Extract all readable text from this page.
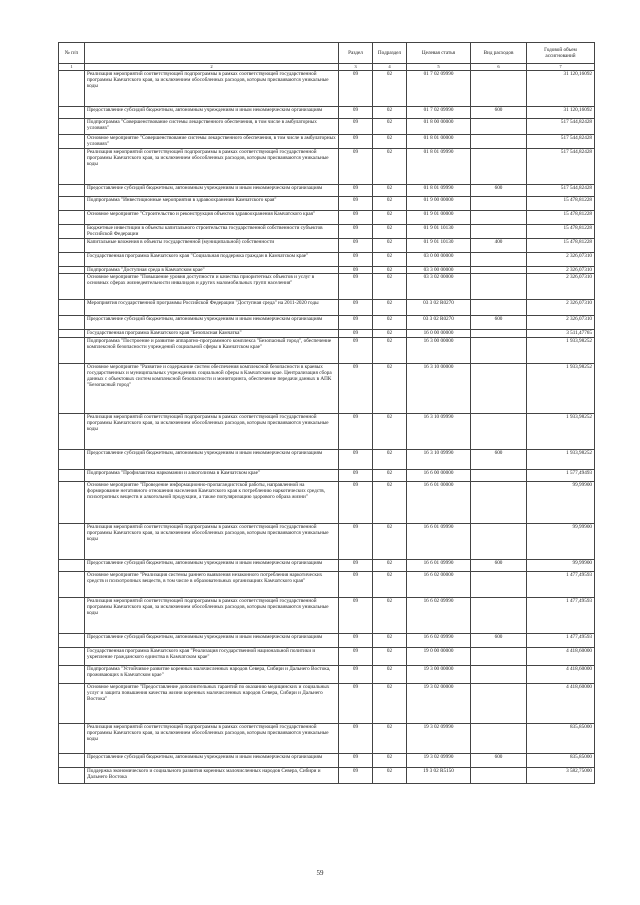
№ п/п		Раздел	Подраздел	Целевая статья	Вид расходов	Годовой объем ассигнований
1	2	3	4	5	6	7
	Реализация мероприятий соответствующей подпрограммы в рамках соответствующей государственной программы Камчатского края, за исключением обособленных расходов, которым присваиваются уникальные коды	09	02	01 7 02 09990		31 120,16092
	Предоставление субсидий бюджетным, автономным учреждениям и иным некоммерческим организациям	09	02	01 7 02 09990	600	31 120,16092
	Подпрограмма "Совершенствование системы лекарственного обеспечения, в том числе в амбулаторных условиях"	09	02	01 8 00 00000		517 544,82428
	Основное мероприятие "Совершенствование системы лекарственного обеспечения, в том числе в амбулаторных условиях"	09	02	01 8 01 00000		517 544,82428
	Реализация мероприятий соответствующей подпрограммы в рамках соответствующей государственной программы Камчатского края, за исключением обособленных расходов, которым присваиваются уникальные коды	09	02	01 8 01 09990		517 544,82428
	Предоставление субсидий бюджетным, автономным учреждениям и иным некоммерческим организациям	09	02	01 8 01 09990	600	517 544,82428
	Подпрограмма "Инвестиционные мероприятия в здравоохранении Камчатского края"	09	02	01 9 00 00000		15 478,81228
	Основное мероприятие "Строительство и реконструкция объектов здравоохранения Камчатского края"	09	02	01 9 01 00000		15 478,81228
	Бюджетные инвестиции в объекты капитального строительства государственной собственности субъектов Российской Федерации	09	02	01 9 01 10130		15 478,81228
	Капитальные вложения в объекты государственной (муниципальной) собственности	09	02	01 9 01 10130	400	15 478,81228
	Государственная программа Камчатского края "Социальная поддержка граждан в Камчатском крае"	09	02	03 0 00 00000		2 326,07310
	Подпрограмма "Доступная среда в Камчатском крае"	09	02	03 3 00 00000		2 326,07310
	Основное мероприятие "Повышение уровня доступности и качества приоритетных объектов и услуг в основных сферах жизнедеятельности инвалидов и других маломобильных групп населения"	09	02	03 3 02 00000		2 326,07310
	Мероприятия государственной программы Российской Федерации "Доступная среда" на 2011-2020 годы	09	02	03 3 02 R0270		2 326,07310
	Предоставление субсидий бюджетным, автономным учреждениям и иным некоммерческим организациям	09	02	03 3 02 R0270	600	2 326,07310
	Государственная программа Камчатского края "Безопасная Камчатка"	09	02	16 0 00 00000		3 511,47765
	Подпрограмма "Построение и развитие аппаратно-программного комплекса "Безопасный город", обеспечение комплексной безопасности учреждений социальной сферы в Камчатском крае"	09	02	16 3 00 00000		1 933,98252
	Основное мероприятие "Развитие и содержание систем обеспечения комплексной безопасности в краевых государственных и муниципальных учреждениях социальной сферы в Камчатском крае. Централизация сбора данных с объектовых систем комплексной безопасности и мониторинга, обеспечение передачи данных в АПК "Безопасный город"	09	02	16 3 10 00000		1 933,98252
	Реализация мероприятий соответствующей подпрограммы в рамках соответствующей государственной программы Камчатского края, за исключением обособленных расходов, которым присваиваются уникальные коды	09	02	16 3 10 09990		1 933,98252
	Предоставление субсидий бюджетным, автономным учреждениям и иным некоммерческим организациям	09	02	16 3 10 09990	600	1 933,98252
	Подпрограмма "Профилактика наркомании и алкоголизма в Камчатском крае"	09	02	16 6 00 00000		1 577,49493
	Основное мероприятие "Проведение информационно-пропагандистской работы, направленной на формирование негативного отношения населения Камчатского края к потреблению наркотических средств, психотропных веществ и алкогольной продукции, а также популяризацию здорового образа жизни"	09	02	16 6 01 00000		99,99900
	Реализация мероприятий соответствующей подпрограммы в рамках соответствующей государственной программы Камчатского края, за исключением обособленных расходов, которым присваиваются уникальные коды	09	02	16 6 01 09990		99,99900
	Предоставление субсидий бюджетным, автономным учреждениям и иным некоммерческим организациям	09	02	16 6 01 09990	600	99,99900
	Основное мероприятие "Реализация системы раннего выявления незаконного потребления наркотических средств и психотропных веществ, в том числе в образовательных организациях Камчатского края"	09	02	16 6 02 00000		1 477,49593
	Реализация мероприятий соответствующей подпрограммы в рамках соответствующей государственной программы Камчатского края, за исключением обособленных расходов, которым присваиваются уникальные коды	09	02	16 6 02 09990		1 477,49593
	Предоставление субсидий бюджетным, автономным учреждениям и иным некоммерческим организациям	09	02	16 6 02 09990	600	1 477,49593
	Государственная программа Камчатского края "Реализация государственной национальной политики и укрепление гражданского единства в Камчатском крае"	09	02	19 0 00 00000		4 418,60000
	Подпрограмма "Устойчивое развитие коренных малочисленных народов Севера, Сибири и Дальнего Востока, проживающих в Камчатском крае"	09	02	19 3 00 00000		4 418,60000
	Основное мероприятие "Предоставление дополнительных гарантий по оказанию медицинских и социальных услуг и защита повышения качества жизни коренных малочисленных народов Севера, Сибири и Дальнего Востока"	09	02	19 3 02 00000		4 418,60000
	Реализация мероприятий соответствующей подпрограммы в рамках соответствующей государственной программы Камчатского края, за исключением обособленных расходов, которым присваиваются уникальные коды	09	02	19 3 02 09990		835,85000
	Предоставление субсидий бюджетным, автономным учреждениям и иным некоммерческим организациям	09	02	19 3 02 09990	600	835,85000
	Поддержка экономического и социального развития коренных малочисленных народов Севера, Сибири и Дальнего Востока	09	02	19 3 02 R5150		3 582,75000
59
